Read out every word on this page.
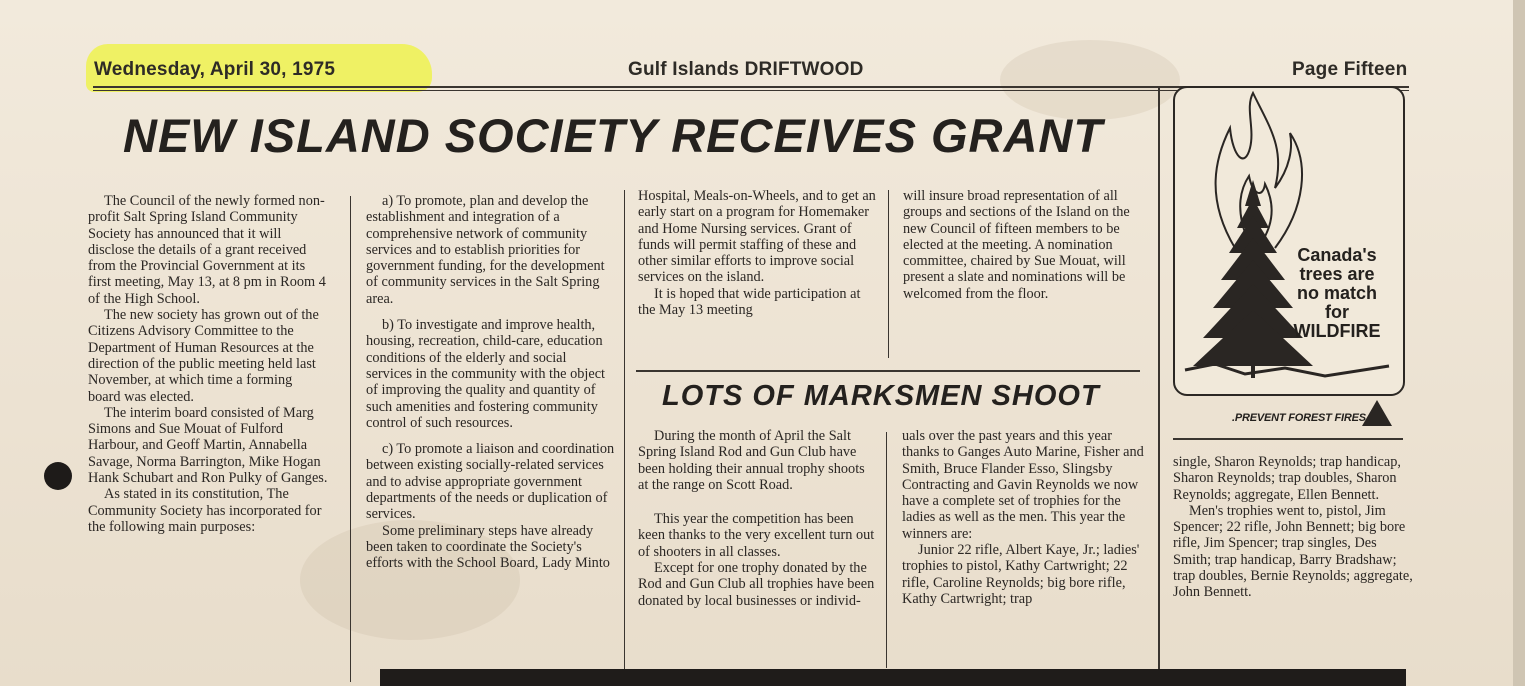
Wednesday, April 30, 1975	Gulf Islands DRIFTWOOD	Page Fifteen
NEW ISLAND SOCIETY RECEIVES GRANT
LOTS OF MARKSMEN SHOOT

The Council of the newly formed non-profit Salt Spring Island Community Society has announced that it will disclose the details of a grant received from the Provincial Government at its first meeting, May 13, at 8 pm in Room 4 of the High School.

The new society has grown out of the Citizens Advisory Committee to the Department of Human Resources at the direction of the public meeting held last November, at which time a forming board was elected.

The interim board consisted of Marg Simons and Sue Mouat of Fulford Harbour, and Geoff Martin, Annabella Savage, Norma Barrington, Mike Hogan Hank Schubart and Ron Pulky of Ganges.

As stated in its constitution, The Community Society has incorporated for the following main purposes:

a) To promote, plan and develop the establishment and integration of a comprehensive network of community services and to establish priorities for government funding, for the development of community services in the Salt Spring area.

b) To investigate and improve health, housing, recreation, child-care, education conditions of the elderly and social services in the community with the object of improving the quality and quantity of such amenities and fostering community control of such resources.

c) To promote a liaison and coordination between existing socially-related services and to advise appropriate government departments of the needs or duplication of services.

Some preliminary steps have already been taken to coordinate the Society's efforts with the School Board, Lady Minto

Hospital, Meals-on-Wheels, and to get an early start on a program for Homemaker and Home Nursing services. Grant of funds will permit staffing of these and other similar efforts to improve social services on the island.

It is hoped that wide participation at the May 13 meeting

will insure broad representation of all groups and sections of the Island on the new Council of fifteen members to be elected at the meeting. A nomination committee, chaired by Sue Mouat, will present a slate and nominations will be welcomed from the floor.

During the month of April the Salt Spring Island Rod and Gun Club have been holding their annual trophy shoots at the range on Scott Road.

This year the competition has been keen thanks to the very excellent turn out of shooters in all classes.

Except for one trophy donated by the Rod and Gun Club all trophies have been donated by local businesses or individ-

uals over the past years and this year thanks to Ganges Auto Marine, Fisher and Smith, Bruce Flander Esso, Slingsby Contracting and Gavin Reynolds we now have a complete set of trophies for the ladies as well as the men. This year the winners are:

Junior 22 rifle, Albert Kaye, Jr.; ladies' trophies to pistol, Kathy Cartwright; 22 rifle, Caroline Reynolds; big bore rifle, Kathy Cartwright; trap

single, Sharon Reynolds; trap handicap, Sharon Reynolds; trap doubles, Sharon Reynolds; aggregate, Ellen Bennett.

Men's trophies went to, pistol, Jim Spencer; 22 rifle, John Bennett; big bore rifle, Jim Spencer; trap singles, Des Smith; trap handicap, Barry Bradshaw; trap doubles, Bernie Reynolds; aggregate, John Bennett.

Canada's
trees are
no match
for
WILDFIRE
.PREVENT FOREST FIRES
